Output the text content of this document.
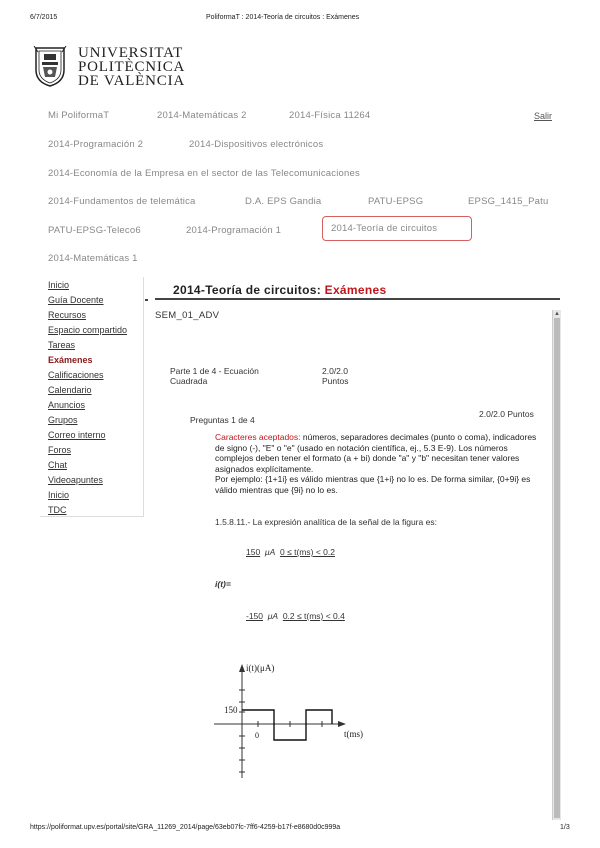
6/7/2015	PoliformaT : 2014-Teoría de circuitos : Exámenes
UNIVERSITAT
POLITÈCNICA
DE VALÈNCIA
Mi PoliformaT	2014-Matemáticas 2	2014-Física 11264	Salir
2014-Programación 2	2014-Dispositivos electrónicos
2014-Economía de la Empresa en el sector de las Telecomunicaciones
2014-Fundamentos de telemática	D.A. EPS Gandia	PATU-EPSG	EPSG_1415_Patu
PATU-EPSG-Teleco6	2014-Programación 1	2014-Teoría de circuitos
2014-Matemáticas 1
Inicio
Guía Docente
Recursos
Espacio compartido
Tareas
Exámenes
Calificaciones
Calendario
Anuncios
Grupos
Correo interno
Foros
Chat
Videoapuntes
Inicio
TDC
2014-Teoría de circuitos: Exámenes
▲
SEM_01_ADV
Parte 1 de 4 - Ecuación
Cuadrada
2.0/2.0
Puntos
Preguntas 1 de 4
2.0/2.0 Puntos
Caracteres aceptados: números, separadores decimales (punto o coma), indicadores de signo (-), "E" o "e" (usado en notación científica, ej., 5.3 E-9). Los números complejos deben tener el formato (a + bi) donde "a" y "b" necesitan tener valores asignados explícitamente.
Por ejemplo: {1+1i} es válido mientras que {1+i} no lo es. De forma similar, {0+9i} es válido mientras que {9i} no lo es.
1.5.8.11.- La expresión analítica de la señal de la figura es:
150 μA 0 ≤ t(ms) < 0.2
i(t)=
-150 μA 0.2 ≤ t(ms) < 0.4
i(t)(μA)
t(ms)
150
0
https://poliformat.upv.es/portal/site/GRA_11269_2014/page/63eb07fc-7ff6-4259-b17f-e8680d0c999a	1/3
